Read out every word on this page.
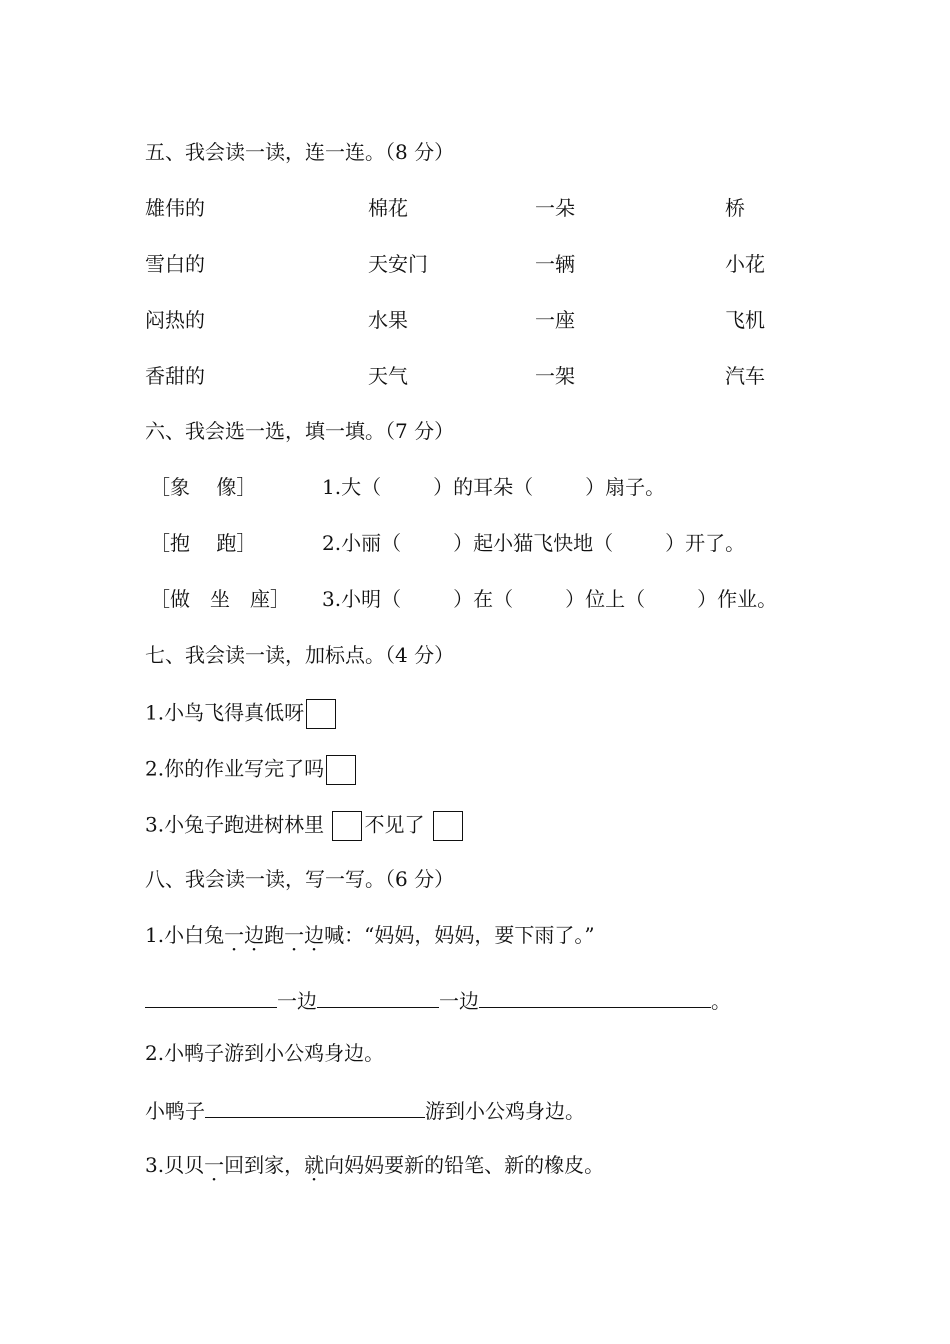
五、我会读一读，连一连。（8 分）
雄伟的	棉花	一朵	桥
雪白的	天安门	一辆	小花
闷热的	水果	一座	飞机
香甜的	天气	一架	汽车
六、我会选一选，填一填。（7 分）
［象　 像］	1.大（	）的耳朵（	）扇子。
［抱　 跑］	2.小丽（	）起小猫飞快地（	）开了。
［做　坐　座］ 3.小明（	）在（	）位上（	）作业。
七、我会读一读，加标点。（4 分）
1.小鸟飞得真低呀
2.你的作业写完了吗
3.小兔子跑进树林里 不见了
八、我会读一读，写一写。（6 分）
1.小白兔一边跑一边喊：“妈妈，妈妈，要下雨了。”
一边	一边	。
2.小鸭子游到小公鸡身边。
小鸭子	游到小公鸡身边。
3.贝贝一回到家，就向妈妈要新的铅笔、新的橡皮。
